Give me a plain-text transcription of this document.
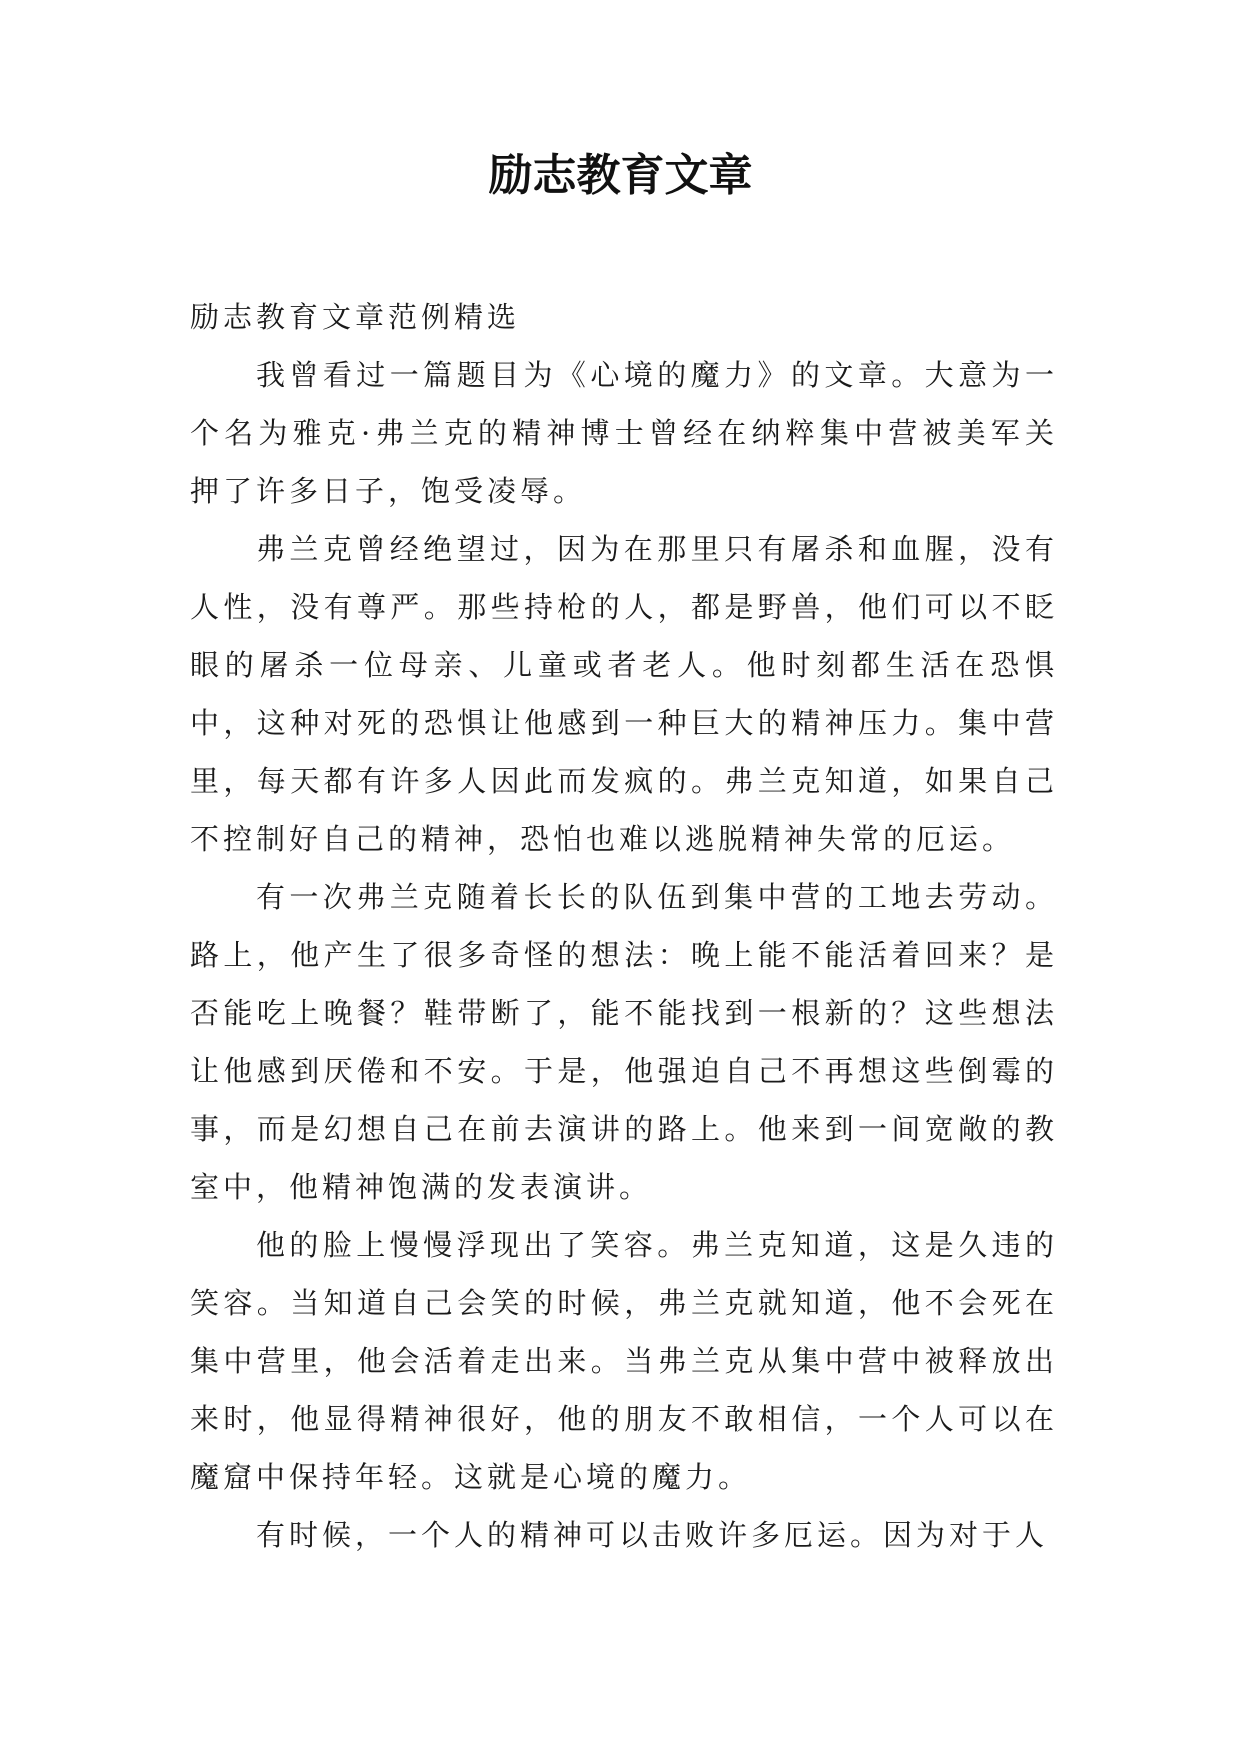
励志教育文章

励志教育文章范例精选

我曾看过一篇题目为《心境的魔力》的文章。大意为一个名为雅克·弗兰克的精神博士曾经在纳粹集中营被美军关押了许多日子，饱受凌辱。

弗兰克曾经绝望过，因为在那里只有屠杀和血腥，没有人性，没有尊严。那些持枪的人，都是野兽，他们可以不眨眼的屠杀一位母亲、儿童或者老人。他时刻都生活在恐惧中，这种对死的恐惧让他感到一种巨大的精神压力。集中营里，每天都有许多人因此而发疯的。弗兰克知道，如果自己不控制好自己的精神，恐怕也难以逃脱精神失常的厄运。

有一次弗兰克随着长长的队伍到集中营的工地去劳动。路上，他产生了很多奇怪的想法：晚上能不能活着回来？是否能吃上晚餐？鞋带断了，能不能找到一根新的？这些想法让他感到厌倦和不安。于是，他强迫自己不再想这些倒霉的事，而是幻想自己在前去演讲的路上。他来到一间宽敞的教室中，他精神饱满的发表演讲。

他的脸上慢慢浮现出了笑容。弗兰克知道，这是久违的笑容。当知道自己会笑的时候，弗兰克就知道，他不会死在集中营里，他会活着走出来。当弗兰克从集中营中被释放出来时，他显得精神很好，他的朋友不敢相信，一个人可以在魔窟中保持年轻。这就是心境的魔力。

有时候，一个人的精神可以击败许多厄运。因为对于人
